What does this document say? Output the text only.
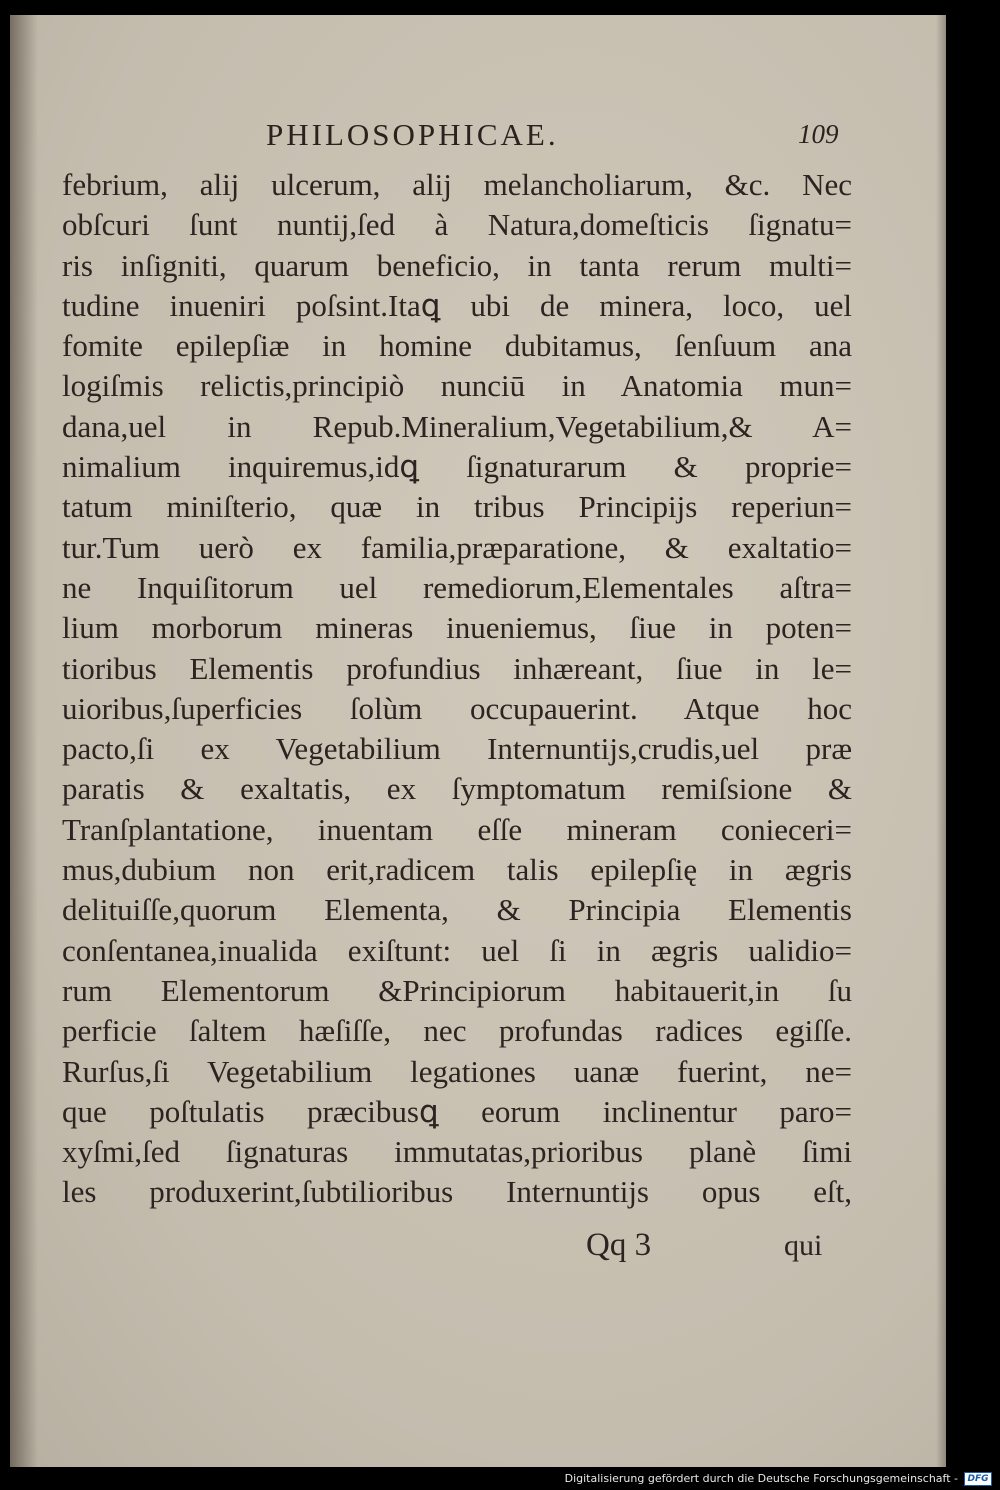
PHILOSOPHICAE.	109
febrium, alij ulcerum, alij melancholiarum, &c. Nec
obſcuri ſunt nuntij,ſed à Natura,domeſticis ſignatu=
ris inſigniti, quarum beneficio, in tanta rerum multi=
tudine inueniri poſsint.Itaꝗ ubi de minera, loco, uel
fomite epilepſiæ in homine dubitamus, ſenſuum ana
logiſmis relictis,principiò nunciū in Anatomia mun=
dana,uel in Repub.Mineralium,Vegetabilium,& A=
nimalium inquiremus,idꝗ ſignaturarum & proprie=
tatum miniſterio, quæ in tribus Principijs reperiun=
tur.Tum uerò ex familia,præparatione, & exaltatio=
ne Inquiſitorum uel remediorum,Elementales aſtra=
lium morborum mineras inueniemus, ſiue in poten=
tioribus Elementis profundius inhæreant, ſiue in le=
uioribus,ſuperficies ſolùm occupauerint. Atque hoc
pacto,ſi ex Vegetabilium Internuntijs,crudis,uel præ
paratis & exaltatis, ex ſymptomatum remiſsione &
Tranſplantatione, inuentam eſſe mineram conieceri=
mus,dubium non erit,radicem talis epilepſię in ægris
delituiſſe,quorum Elementa, & Principia Elementis
conſentanea,inualida exiſtunt: uel ſi in ægris ualidio=
rum Elementorum &Principiorum habitauerit,in ſu
perficie ſaltem hæſiſſe, nec profundas radices egiſſe.
Rurſus,ſi Vegetabilium legationes uanæ fuerint, ne=
que poſtulatis præcibusꝗ eorum inclinentur paro=
xyſmi,ſed ſignaturas immutatas,prioribus planè ſimi
les produxerint,ſubtilioribus Internuntijs opus eſt,
Qq 3	qui
Digitalisierung gefördert durch die Deutsche Forschungsgemeinschaft -	DFG
